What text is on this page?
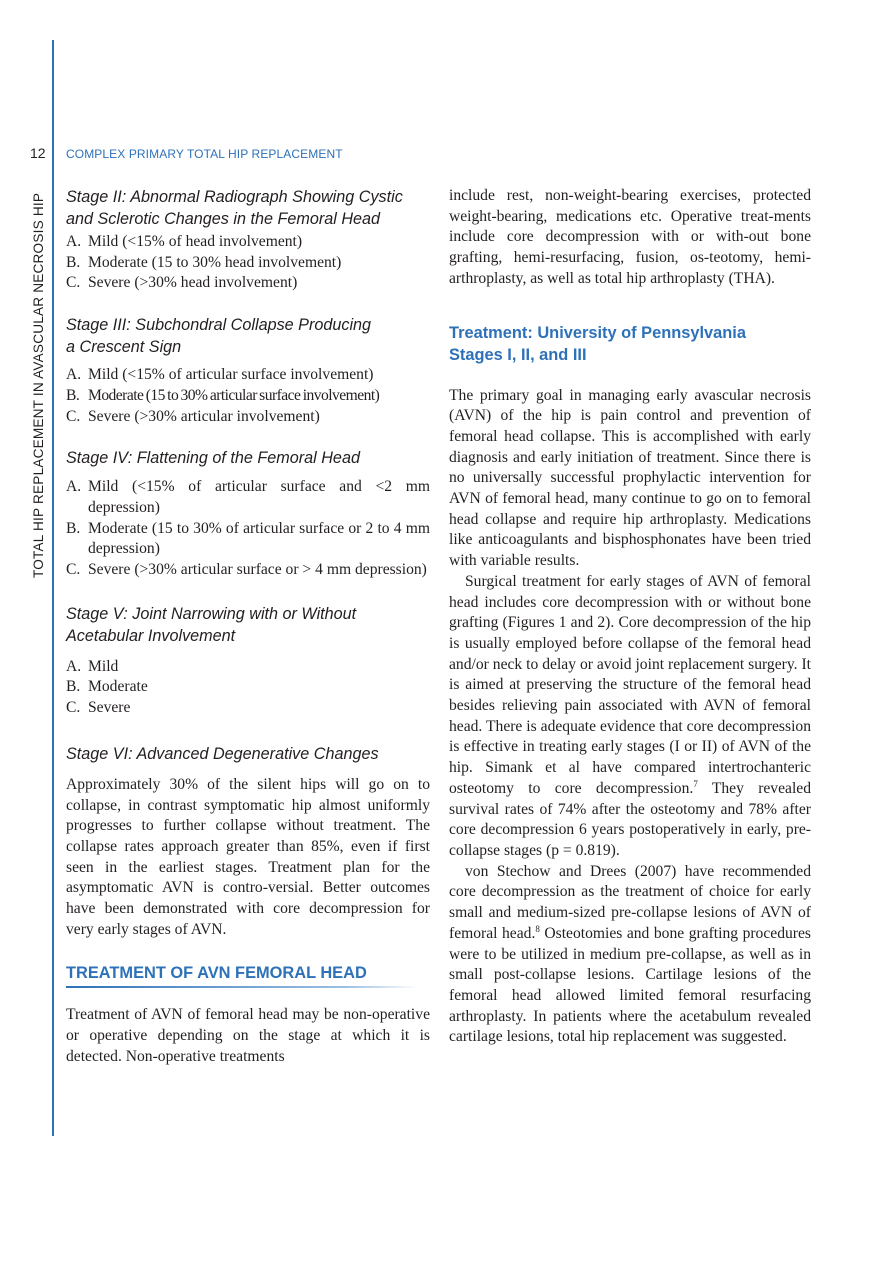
12 COMPLEX PRIMARY TOTAL HIP REPLACEMENT
TOTAL HIP REPLACEMENT IN AVASCULAR NECROSIS HIP Stage II: Abnormal Radiograph Showing Cystic

and Sclerotic Changes in the Femoral Head

A. Mild (<15% of head involvement)
B. Moderate (15 to 30% head involvement)
C. Severe (>30% head involvement)

Stage III: Subchondral Collapse Producing

a Crescent Sign

A. Mild (<15% of articular surface involvement)
B. Moderate (15 to 30% articular surface involvement)
C. Severe (>30% articular involvement)

Stage IV: Flattening of the Femoral Head

A. Mild (<15% of articular surface and <2 mm depression)
B. Moderate (15 to 30% of articular surface or 2 to 4 mm depression)
C. Severe (>30% articular surface or > 4 mm depression)

Stage V: Joint Narrowing with or Without

Acetabular Involvement

A. Mild
B. Moderate
C. Severe

Stage VI: Advanced Degenerative Changes

Approximately 30% of the silent hips will go on to collapse, in contrast symptomatic hip almost uniformly progresses to further collapse without treatment. The collapse rates approach greater than 85%, even if first seen in the earliest stages. Treatment plan for the asymptomatic AVN is contro-versial. Better outcomes have been demonstrated with core decompression for very early stages of AVN.

TREATMENT OF AVN FEMORAL HEAD

Treatment of AVN of femoral head may be non-operative or operative depending on the stage at which it is detected. Non-operative treatments

include rest, non-weight-bearing exercises, protected weight-bearing, medications etc. Operative treat-ments include core decompression with or with-out bone grafting, hemi-resurfacing, fusion, os-teotomy, hemi-arthroplasty, as well as total hip arthroplasty (THA).

Treatment: University of Pennsylvania

Stages I, II, and III

The primary goal in managing early avascular necrosis (AVN) of the hip is pain control and prevention of femoral head collapse. This is accomplished with early diagnosis and early initiation of treatment. Since there is no universally successful prophylactic intervention for AVN of femoral head, many continue to go on to femoral head collapse and require hip arthroplasty. Medications like anticoagulants and bisphosphonates have been tried with variable results.

Surgical treatment for early stages of AVN of femoral head includes core decompression with or without bone grafting (Figures 1 and 2). Core decompression of the hip is usually employed before collapse of the femoral head and/or neck to delay or avoid joint replacement surgery. It is aimed at preserving the structure of the femoral head besides relieving pain associated with AVN of femoral head. There is adequate evidence that core decompression is effective in treating early stages (I or II) of AVN of the hip. Simank et al have compared intertrochanteric osteotomy to core decompression.$^7$ They revealed survival rates of 74% after the osteotomy and 78% after core decompression 6 years postoperatively in early, pre-collapse stages (p = 0.819).

von Stechow and Drees (2007) have recommended core decompression as the treatment of choice for early small and medium-sized pre-collapse lesions of AVN of femoral head.$^8$ Osteotomies and bone grafting procedures were to be utilized in medium pre-collapse, as well as in small post-collapse lesions. Cartilage lesions of the femoral head allowed limited femoral resurfacing arthroplasty. In patients where the acetabulum revealed cartilage lesions, total hip replacement was suggested.
